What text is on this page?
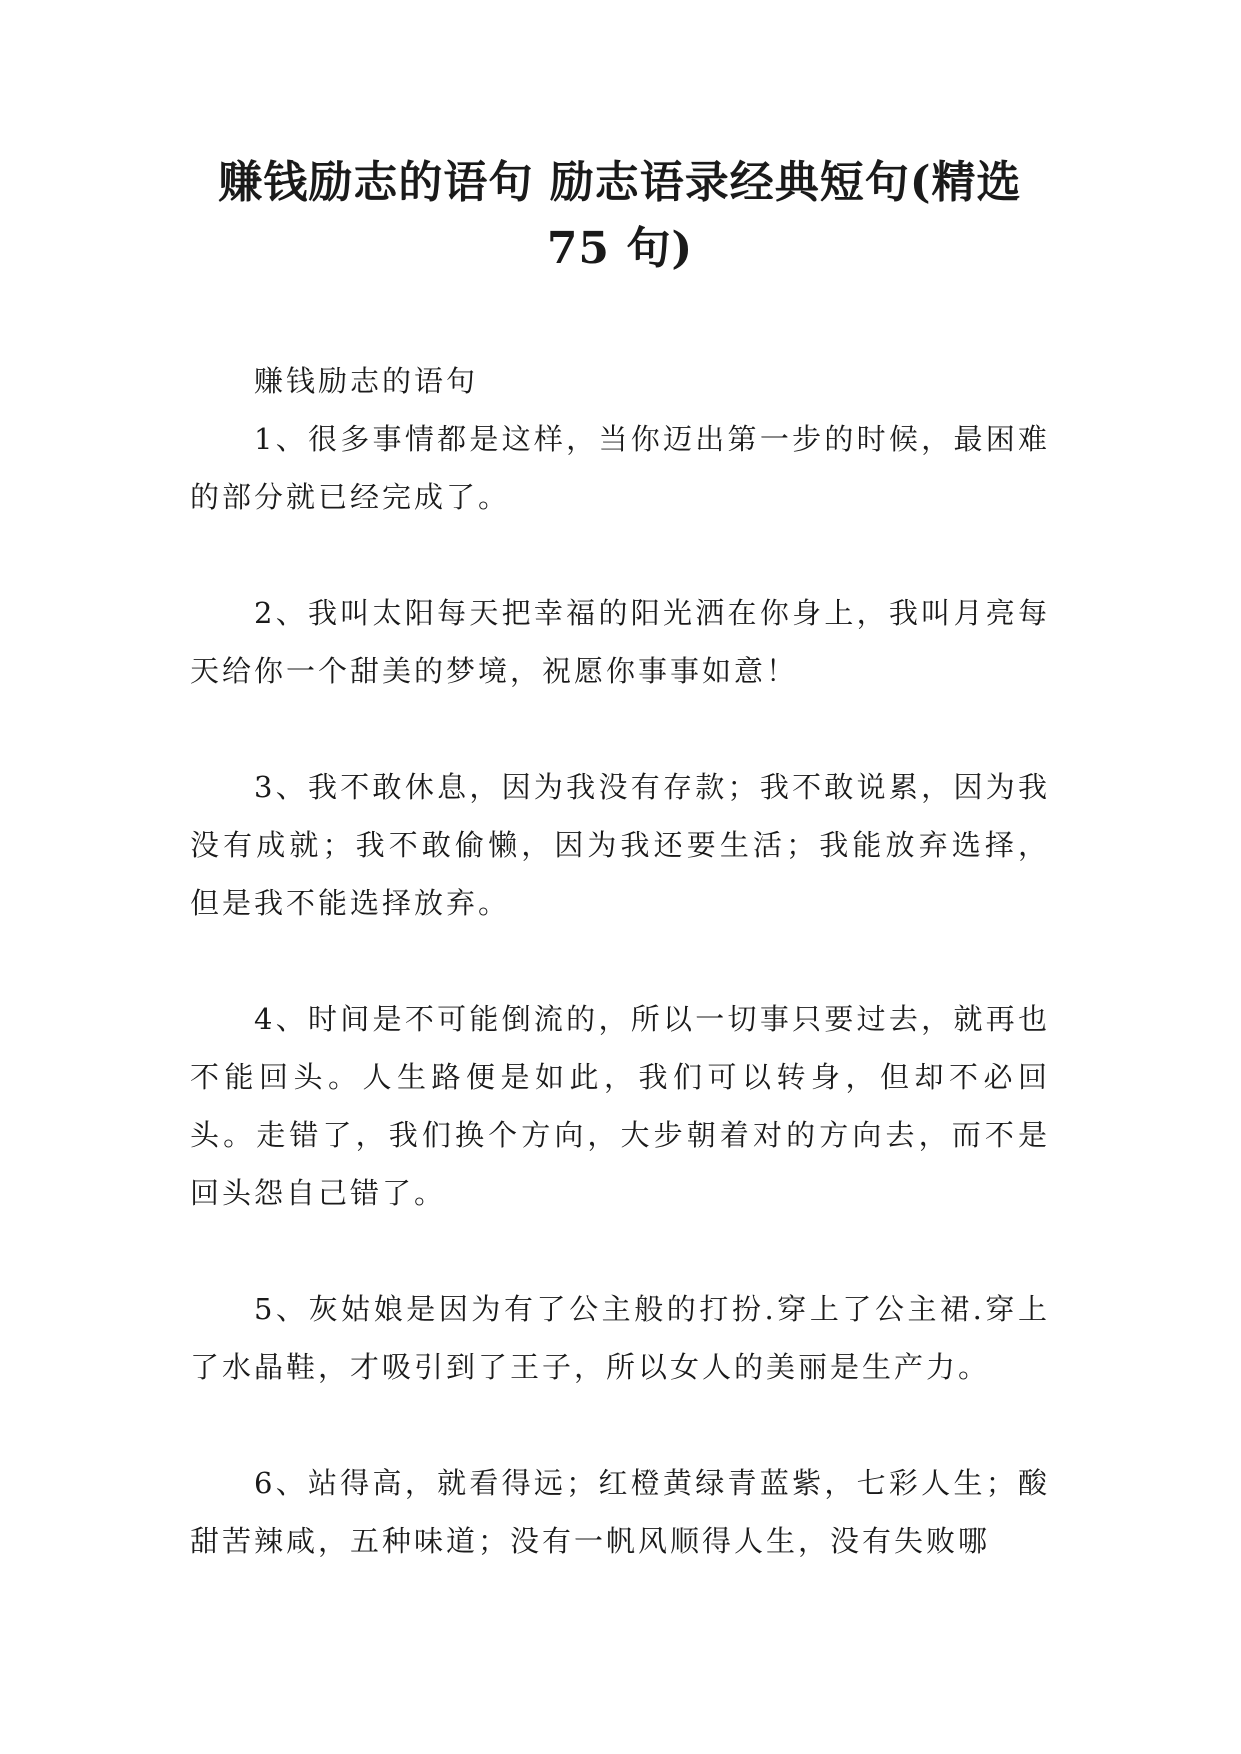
赚钱励志的语句 励志语录经典短句(精选
75 句)

赚钱励志的语句

1、很多事情都是这样，当你迈出第一步的时候，最困难的部分就已经完成了。

2、我叫太阳每天把幸福的阳光洒在你身上，我叫月亮每天给你一个甜美的梦境，祝愿你事事如意！

3、我不敢休息，因为我没有存款；我不敢说累，因为我没有成就；我不敢偷懒，因为我还要生活；我能放弃选择，但是我不能选择放弃。

4、时间是不可能倒流的，所以一切事只要过去，就再也不能回头。人生路便是如此，我们可以转身，但却不必回头。走错了，我们换个方向，大步朝着对的方向去，而不是回头怨自己错了。

5、灰姑娘是因为有了公主般的打扮.穿上了公主裙.穿上了水晶鞋，才吸引到了王子，所以女人的美丽是生产力。

6、站得高，就看得远；红橙黄绿青蓝紫，七彩人生；酸甜苦辣咸，五种味道；没有一帆风顺得人生，没有失败哪
